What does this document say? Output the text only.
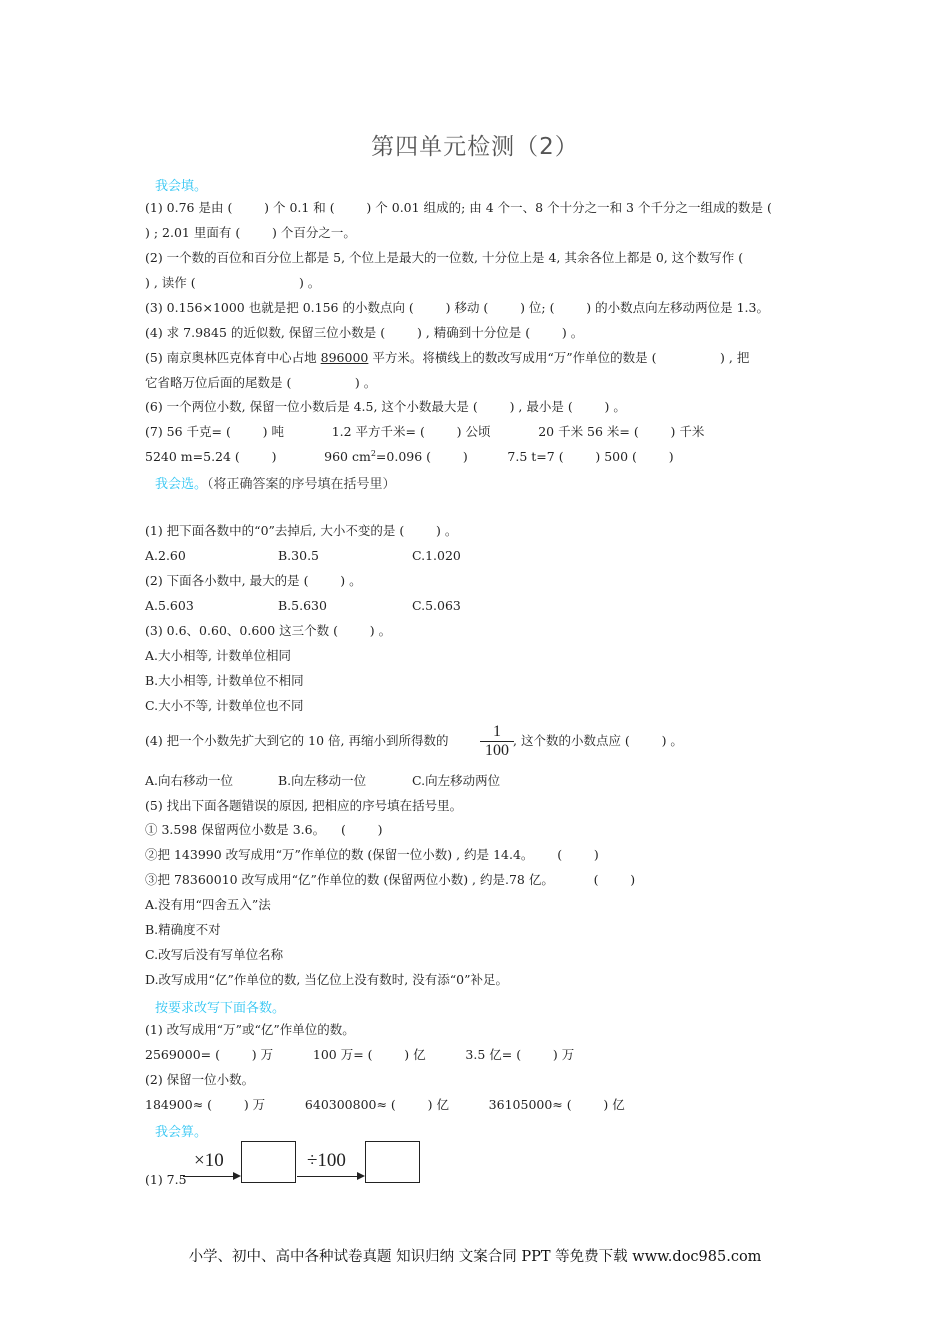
第四单元检测（2）
我会填。
(1) 0.76 是由 (        ) 个 0.1 和 (        ) 个 0.01 组成的; 由 4 个一、8 个十分之一和 3 个千分之一组成的数是 (
) ; 2.01 里面有 (        ) 个百分之一。
(2) 一个数的百位和百分位上都是 5, 个位上是最大的一位数, 十分位上是 4, 其余各位上都是 0, 这个数写作 (
) , 读作 (                          ) 。
(3) 0.156×1000 也就是把 0.156 的小数点向 (        ) 移动 (        ) 位; (        ) 的小数点向左移动两位是 1.3。
(4) 求 7.9845 的近似数, 保留三位小数是 (        ) , 精确到十分位是 (        ) 。
(5) 南京奥林匹克体育中心占地 896000 平方米。将横线上的数改写成用“万”作单位的数是 (                ) , 把
它省略万位后面的尾数是 (                ) 。
(6) 一个两位小数, 保留一位小数后是 4.5, 这个小数最大是 (        ) , 最小是 (        ) 。
(7) 56 千克= (        ) 吨            1.2 平方千米= (        ) 公顷            20 千米 56 米= (        ) 千米
5240 m=5.24 (        )            960 $cm^2=0.096$ (        )          7.5 t=7 (        ) 500 (        )
我会选。（将正确答案的序号填在括号里）
(1) 把下面各数中的“0”去掉后, 大小不变的是 (        ) 。
A.2.60	B.30.5	C.1.020
(2) 下面各小数中, 最大的是 (        ) 。
A.5.603	B.5.630	C.5.063
(3) 0.6、0.60、0.600 这三个数 (        ) 。
A.大小相等, 计数单位相同
B.大小相等, 计数单位不相同
C.大小不等, 计数单位也不同
(4) 把一个小数先扩大到它的 10 倍, 再缩小到所得数的 $\frac{1}{100}$ , 这个数的小数点应 (        ) 。
A.向右移动一位	B.向左移动一位	C.向左移动两位
(5) 找出下面各题错误的原因, 把相应的序号填在括号里。
① 3.598 保留两位小数是 3.6。    (        )
②把 143990 改写成用“万”作单位的数 (保留一位小数) , 约是 14.4。      (        )
③把 78360010 改写成用“亿”作单位的数 (保留两位小数) , 约是.78 亿。          (        )
A.没有用“四舍五入”法
B.精确度不对
C.改写后没有写单位名称
D.改写成用“亿”作单位的数, 当亿位上没有数时, 没有添“0”补足。
按要求改写下面各数。
(1) 改写成用“万”或“亿”作单位的数。
2569000= (        ) 万          100 万= (        ) 亿          3.5 亿= (        ) 万
(2) 保留一位小数。
184900≈ (        ) 万          640300800≈ (        ) 亿          36105000≈ (        ) 亿
我会算。
×10	÷100
(1) 7.5
小学、初中、高中各种试卷真题 知识归纳 文案合同 PPT 等免费下载 www.doc985.com
